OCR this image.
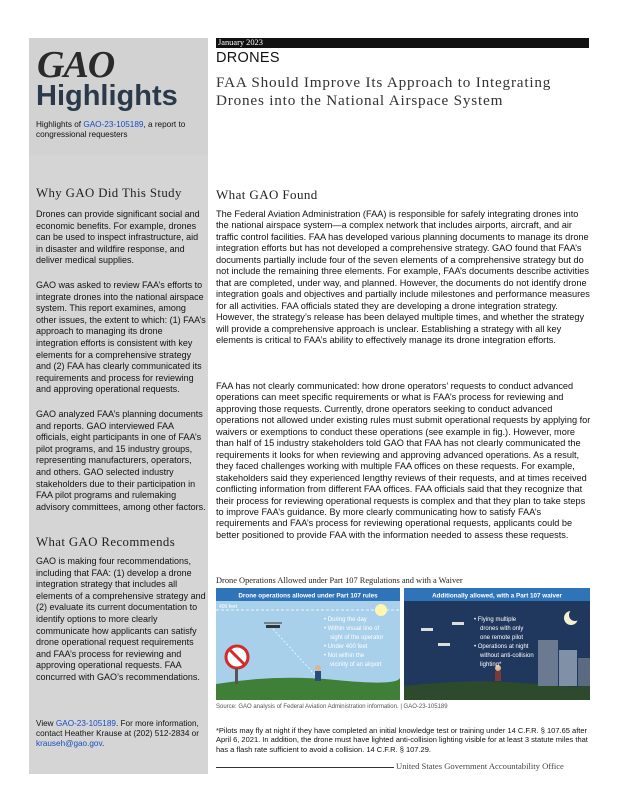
GAO
Highlights
Highlights of GAO-23-105189, a report to congressional requesters
Why GAO Did This Study

Drones can provide significant social and economic benefits. For example, drones can be used to inspect infrastructure, aid in disaster and wildfire response, and deliver medical supplies.

GAO was asked to review FAA’s efforts to integrate drones into the national airspace system. This report examines, among other issues, the extent to which: (1) FAA’s approach to managing its drone integration efforts is consistent with key elements for a comprehensive strategy and (2) FAA has clearly communicated its requirements and process for reviewing and approving operational requests.

GAO analyzed FAA’s planning documents and reports. GAO interviewed FAA officials, eight participants in one of FAA’s pilot programs, and 15 industry groups, representing manufacturers, operators, and others. GAO selected industry stakeholders due to their participation in FAA pilot programs and rulemaking advisory committees, among other factors.

What GAO Recommends

GAO is making four recommendations, including that FAA: (1) develop a drone integration strategy that includes all elements of a comprehensive strategy and (2) evaluate its current documentation to identify options to more clearly communicate how applicants can satisfy drone operational request requirements and FAA’s process for reviewing and approving operational requests. FAA concurred with GAO’s recommendations.

View GAO-23-105189. For more information, contact Heather Krause at (202) 512-2834 or krauseh@gao.gov.

January 2023
DRONES
FAA Should Improve Its Approach to Integrating Drones into the National Airspace System
What GAO Found

The Federal Aviation Administration (FAA) is responsible for safely integrating drones into the national airspace system—a complex network that includes airports, aircraft, and air traffic control facilities. FAA has developed various planning documents to manage its drone integration efforts but has not developed a comprehensive strategy. GAO found that FAA’s documents partially include four of the seven elements of a comprehensive strategy but do not include the remaining three elements. For example, FAA’s documents describe activities that are completed, under way, and planned. However, the documents do not identify drone integration goals and objectives and partially include milestones and performance measures for all activities. FAA officials stated they are developing a drone integration strategy. However, the strategy’s release has been delayed multiple times, and whether the strategy will provide a comprehensive approach is unclear. Establishing a strategy with all key elements is critical to FAA’s ability to effectively manage its drone integration efforts.

FAA has not clearly communicated: how drone operators’ requests to conduct advanced operations can meet specific requirements or what is FAA’s process for reviewing and approving those requests. Currently, drone operators seeking to conduct advanced operations not allowed under existing rules must submit operational requests by applying for waivers or exemptions to conduct these operations (see example in fig.). However, more than half of 15 industry stakeholders told GAO that FAA has not clearly communicated the requirements it looks for when reviewing and approving advanced operations. As a result, they faced challenges working with multiple FAA offices on these requests. For example, stakeholders said they experienced lengthy reviews of their requests, and at times received conflicting information from different FAA offices. FAA officials said that they recognize that their process for reviewing operational requests is complex and that they plan to take steps to improve FAA’s guidance. By more clearly communicating how to satisfy FAA’s requirements and FAA’s process for reviewing operational requests, applicants could be better positioned to provide FAA with the information needed to assess these requests.

Drone Operations Allowed under Part 107 Regulations and with a Waiver
Drone operations allowed under Part 107 rules	Additionally allowed, with a Part 107 waiver
400 feet
• During the day
• Within visual line of
sight of the operator
• Under 400 feet
• Not within the
vicinity of an airport
• Flying multiple
drones with only
one remote pilot
• Operations at night
without anti-collision
lighting*
Source: GAO analysis of Federal Aviation Administration information. | GAO-23-105189
*Pilots may fly at night if they have completed an initial knowledge test or training under 14 C.F.R. § 107.65 after April 6, 2021. In addition, the drone must have lighted anti-collision lighting visible for at least 3 statute miles that has a flash rate sufficient to avoid a collision. 14 C.F.R. § 107.29.
United States Government Accountability Office
